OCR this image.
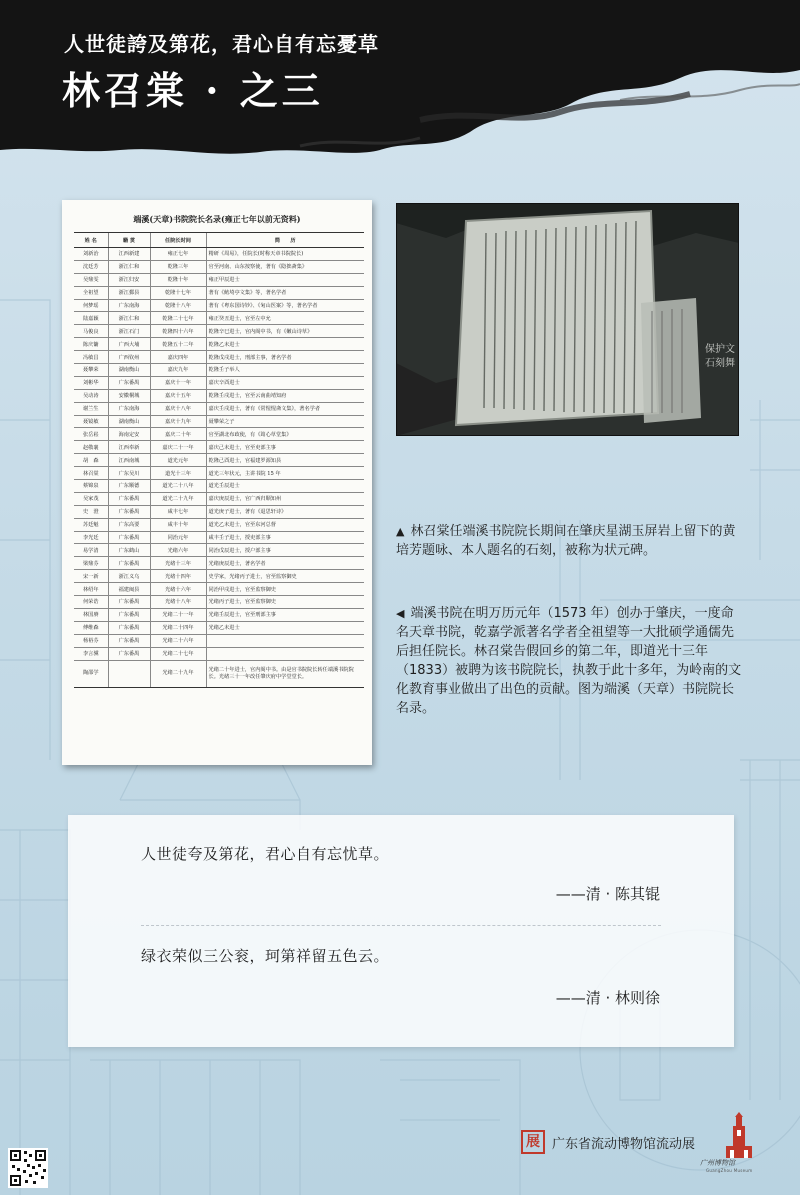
人世徒誇及第花，君心自有忘憂草
林召棠 · 之三
端溪(天章)书院院长名录(雍正七年以前无资料)
姓 名	籍 贯	任院长时间	简　　历
刘新治	江西新建	雍正七年	精研《周易》，任院长(时称天章书院院长)
沈廷芳	浙江仁和	乾隆三年	官至河南、山东按察使，著有《隐拙斋集》
吴鼎雯	浙江归安	乾隆十年	雍正甲辰进士
全祖望	浙江鄞县	乾隆十七年	著有《鲒埼亭文集》等，著名学者
何梦瑶	广东南海	乾隆十八年	著有《粤东国诗钞》、《匊山医案》等，著名学者
陆嘉颖	浙江仁和	乾隆二十七年	雍正癸丑进士，官至左中允
马俊良	浙江石门	乾隆四十六年	乾隆辛巳进士，官内阁中书，有《嫩山诗草》
陈庆镛	广西大埔	乾隆五十二年	乾隆乙未进士
冯敏昌	广西钦州	嘉庆四年	乾隆戊戌进士，刑部主事，著名学者
聂攀荣	湖南衡山	嘉庆九年	乾隆壬子举人
刘彬华	广东番禺	嘉庆十一年	嘉庆辛酉进士
吴动涛	安徽桐城	嘉庆十五年	乾隆壬戌进士，官至云南曲靖知府
谢兰生	广东南海	嘉庆十八年	嘉庆壬戌进士，著有《常惺惺斋文集》，著名学者
聂镜敏	湖南衡山	嘉庆十九年	聂攀荣之子
张岳崧	海南定安	嘉庆二十年	官至湖北布政使，有《筠心草堂集》
赵敬襄	江西奉新	嘉庆二十一年	嘉庆己未进士，官至吏部主事
胡　森	江西南城	道光元年	乾隆己酉进士，官福建罗源知县
林召棠	广东吴川	道光十三年	道光三年状元，主讲书院 15 年
蔡锦泉	广东顺德	道光二十八年	道光壬辰进士
吴家茂	广东番禺	道光二十九年	嘉庆庚辰进士，官广西归顺知州
史　澄	广东番禺	咸丰七年	道光庚子进士，著有《退思轩诗》
苏廷魁	广东高要	咸丰十年	道光乙未进士，官至东河总督
李光廷	广东番禺	同治元年	咸丰壬子进士，授吏部主事
易学清	广东鹤山	光绪六年	同治戊辰进士，授户部主事
梁鼎芬	广东番禺	光绪十三年	光绪庚辰进士，著名学者
宋一新	浙江义乌	光绪十四年	史学家，光绪丙子进士，官至监察御史
林绍年	福建闽县	光绪十六年	同治甲戌进士，官至监察御史
何荣诰	广东番禺	光绪十八年	光绪丙子进士，官至监察御史
林国赓	广东番禺	光绪二十一年	光绪壬辰进士，官至刑部主事
傅维森	广东番禺	光绪二十四年	光绪乙未进士
杨裕芬	广东番禺	光绪二十六年	
李言骥	广东番禺	光绪二十七年	
陶邵学		光绪二十九年	光绪二十年进士，官内阁中书。由是官书院院长转任端溪书院院长。光绪三十一年改任肇庆府中学堂堂长。
保护文石刻舞

▲ 林召棠任端溪书院院长期间在肇庆星湖玉屏岩上留下的黄培芳题咏、本人题名的石刻，被称为状元碑。

◀ 端溪书院在明万历元年（1573 年）创办于肇庆，一度命名天章书院，乾嘉学派著名学者全祖望等一大批硕学通儒先后担任院长。林召棠告假回乡的第二年，即道光十三年（1833）被聘为该书院院长，执教于此十多年，为岭南的文化教育事业做出了出色的贡献。图为端溪（天章）书院院长名录。

人世徒夸及第花，君心自有忘忧草。

——清 · 陈其锟

绿衣荣似三公衮，珂第祥留五色云。

——清 · 林则徐

展 广东省流动博物馆流动展

广州博物馆

GuangZhou Museum
